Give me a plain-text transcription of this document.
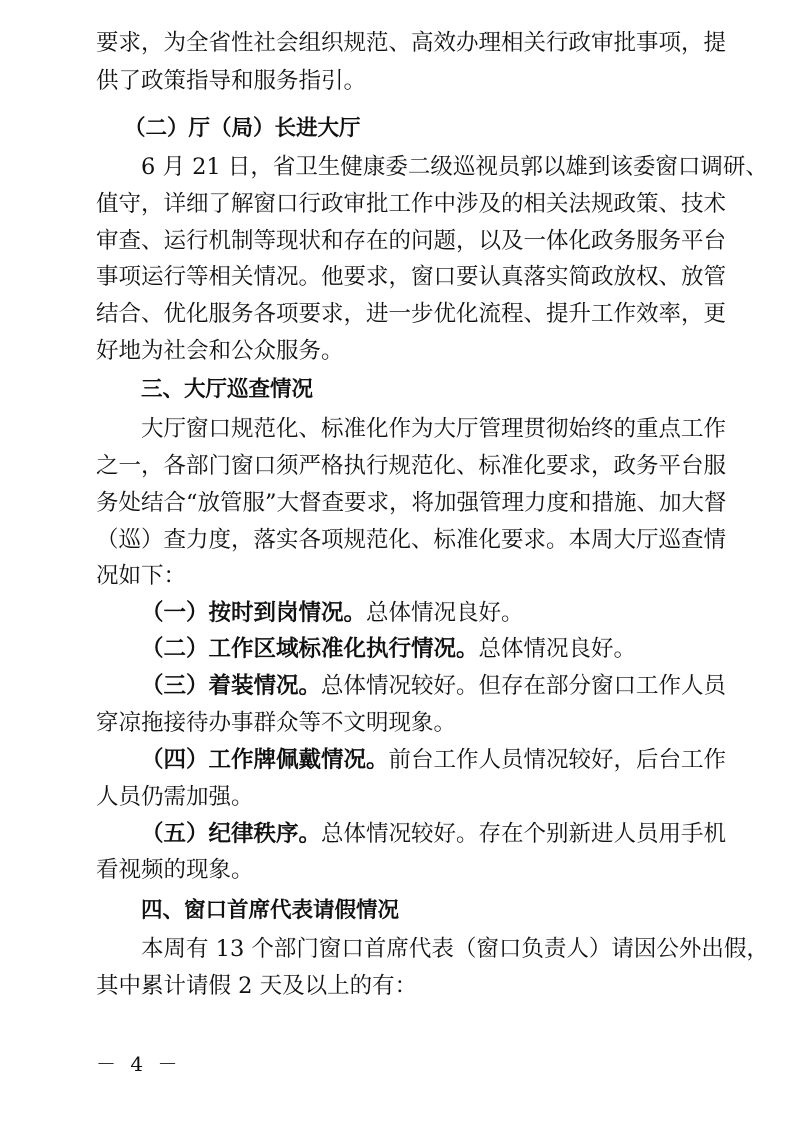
要求，为全省性社会组织规范、高效办理相关行政审批事项，提
供了政策指导和服务指引。
（二）厅（局）长进大厅
6 月 21 日，省卫生健康委二级巡视员郭以雄到该委窗口调研、
值守，详细了解窗口行政审批工作中涉及的相关法规政策、技术
审查、运行机制等现状和存在的问题，以及一体化政务服务平台
事项运行等相关情况。他要求，窗口要认真落实简政放权、放管
结合、优化服务各项要求，进一步优化流程、提升工作效率，更
好地为社会和公众服务。
三、大厅巡查情况
大厅窗口规范化、标准化作为大厅管理贯彻始终的重点工作
之一，各部门窗口须严格执行规范化、标准化要求，政务平台服
务处结合“放管服”大督查要求，将加强管理力度和措施、加大督
（巡）查力度，落实各项规范化、标准化要求。本周大厅巡查情
况如下：
（一）按时到岗情况。总体情况良好。
（二）工作区域标准化执行情况。总体情况良好。
（三）着装情况。总体情况较好。但存在部分窗口工作人员
穿凉拖接待办事群众等不文明现象。
（四）工作牌佩戴情况。前台工作人员情况较好，后台工作
人员仍需加强。
（五）纪律秩序。总体情况较好。存在个别新进人员用手机
看视频的现象。
四、窗口首席代表请假情况
本周有 13 个部门窗口首席代表（窗口负责人）请因公外出假，
其中累计请假 2 天及以上的有：
－ 4 －
